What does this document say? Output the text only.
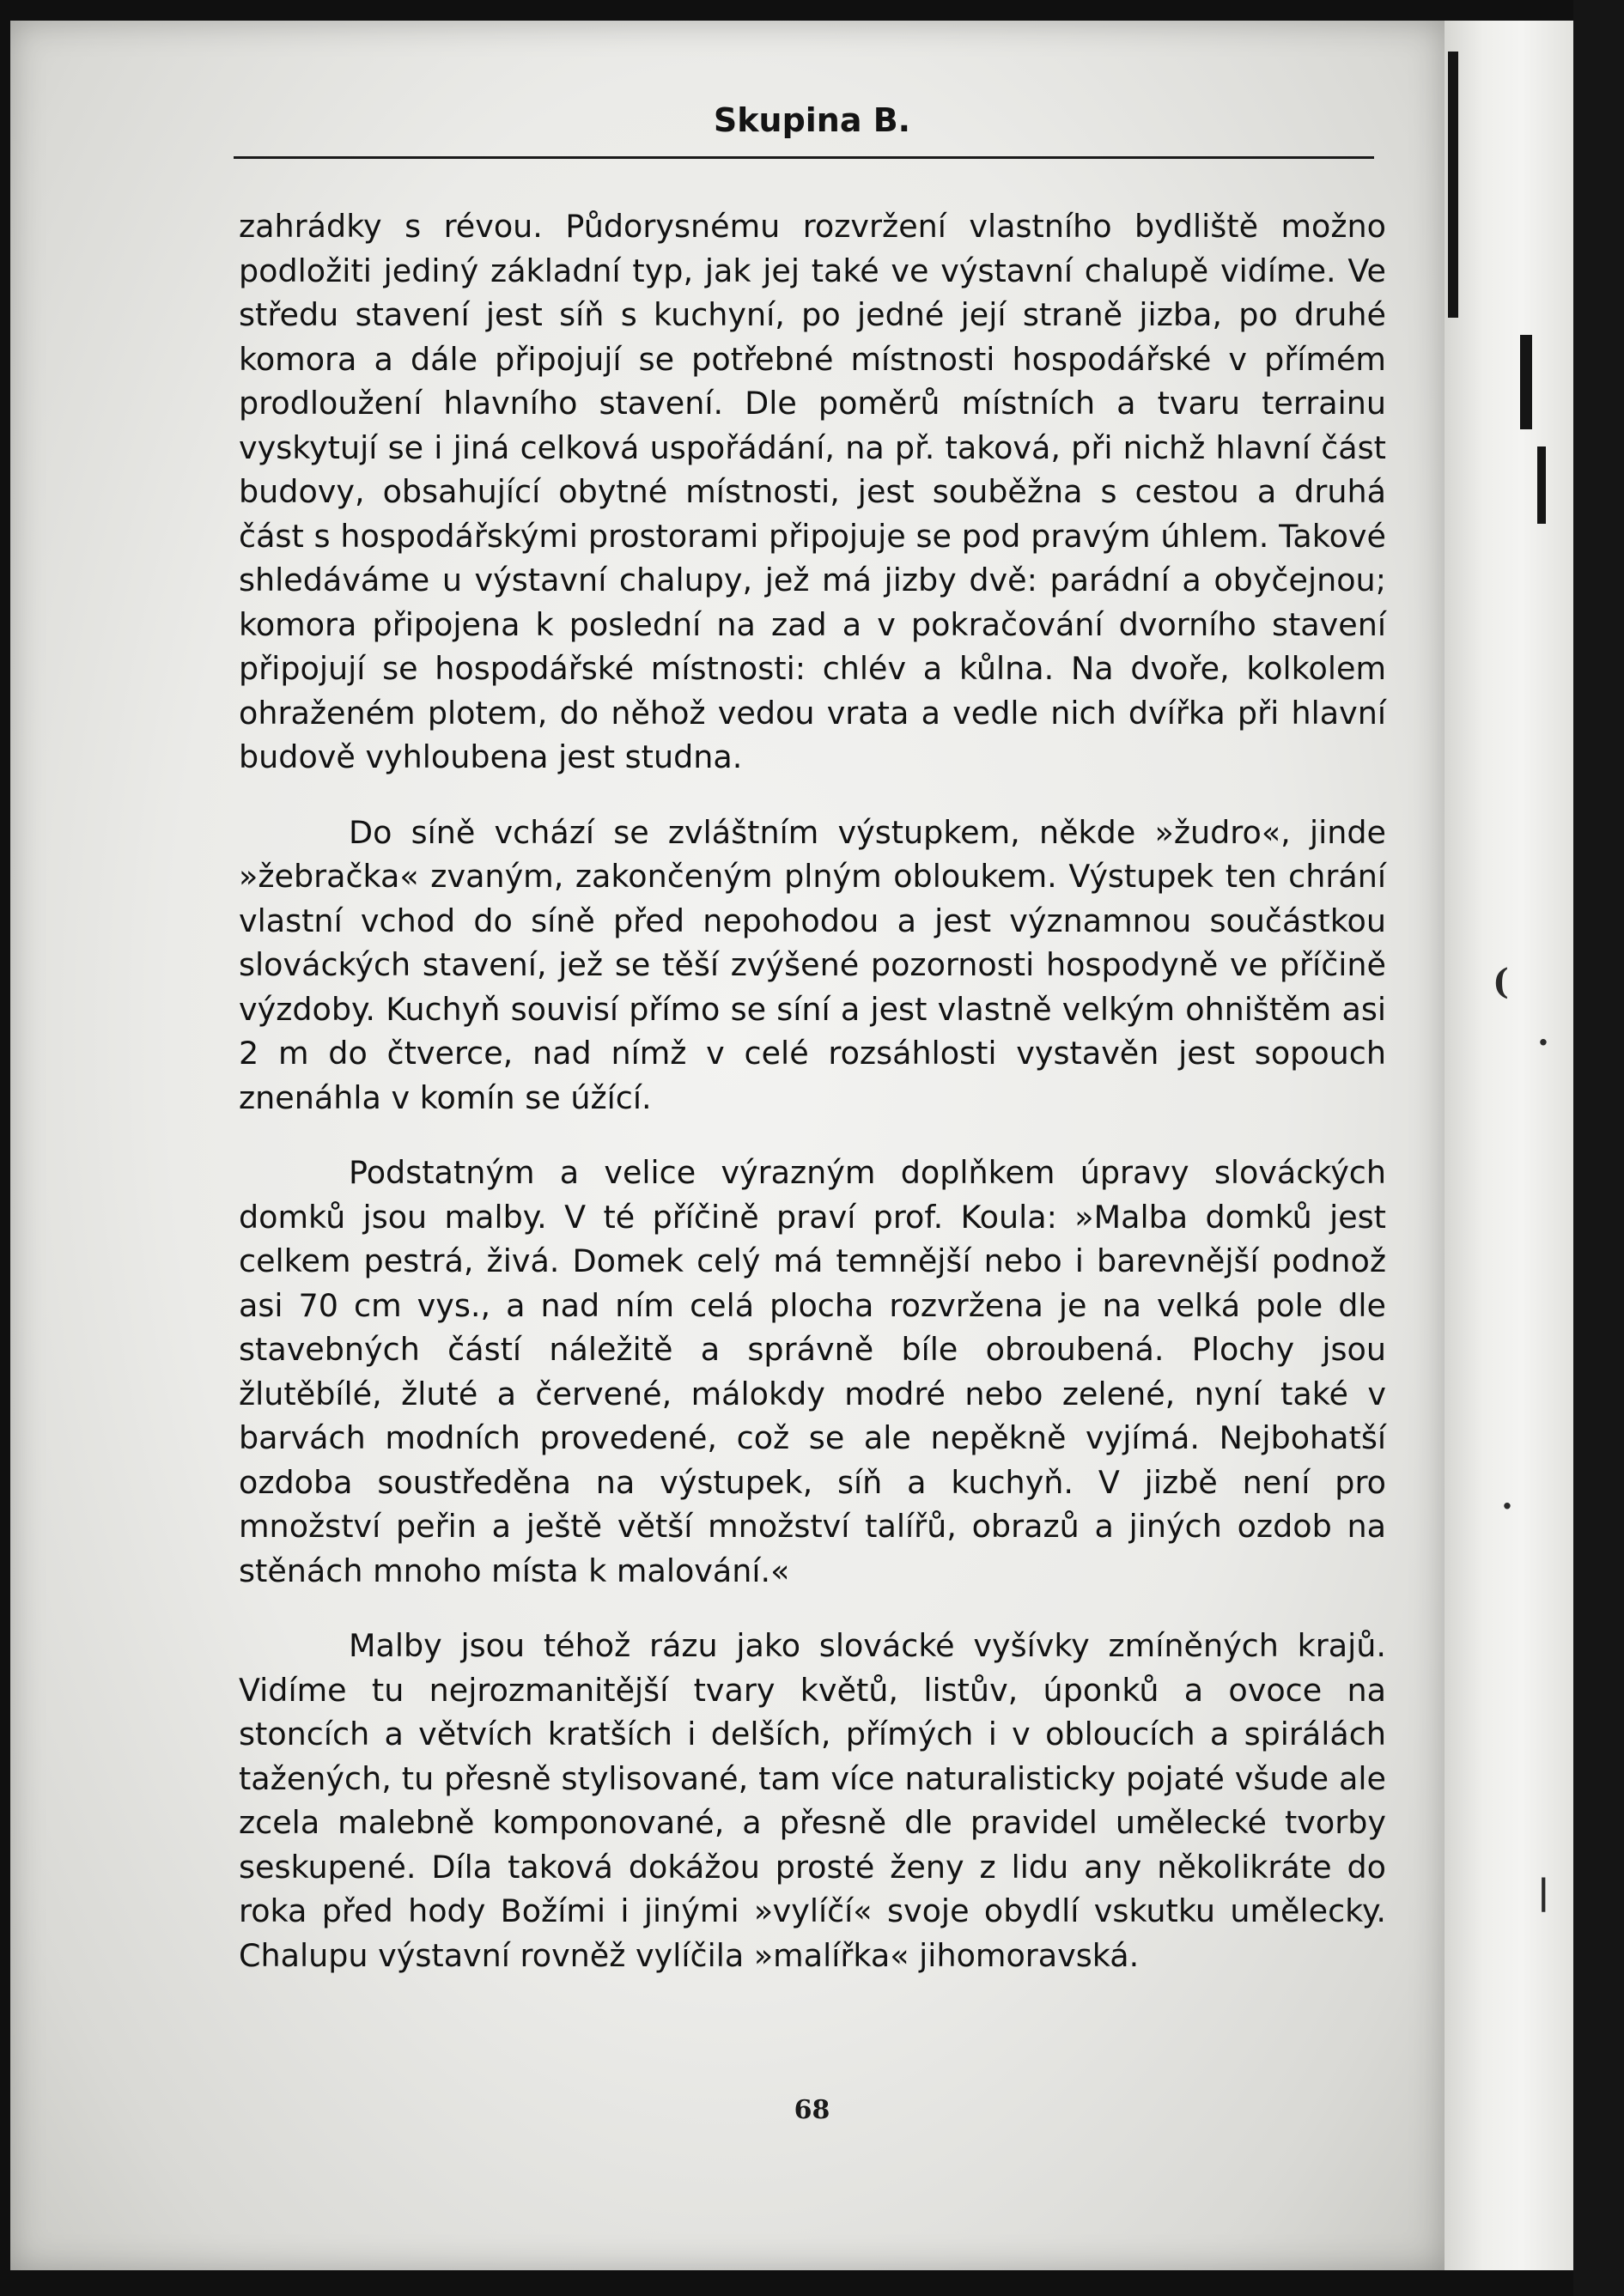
(
.
.
|
Skupina B.

zahrádky s révou. Půdorysnému rozvržení vlastního bydliště možno podložiti jediný základní typ, jak jej také ve výstavní chalupě vidíme. Ve středu stavení jest síň s kuchyní, po jedné její straně jizba, po druhé komora a dále připojují se potřebné místnosti hospodářské v přímém prodloužení hlavního stavení. Dle poměrů místních a tvaru terrainu vyskytují se i jiná celková uspořádání, na př. taková, při nichž hlavní část budovy, obsahující obytné místnosti, jest souběžna s cestou a druhá část s hospodářskými prostorami připojuje se pod pravým úhlem. Takové shledáváme u výstavní chalupy, jež má jizby dvě: parádní a obyčejnou; komora připojena k poslední na zad a v pokračování dvorního stavení připojují se hospodářské místnosti: chlév a kůlna. Na dvoře, kolkolem ohraženém plotem, do něhož vedou vrata a vedle nich dvířka při hlavní budově vyhloubena jest studna.

Do síně vchází se zvláštním výstupkem, někde »žudro«, jinde »žebračka« zvaným, zakončeným plným obloukem. Výstupek ten chrání vlastní vchod do síně před nepohodou a jest významnou součástkou slováckých stavení, jež se těší zvýšené pozornosti hospodyně ve příčině výzdoby. Kuchyň souvisí přímo se síní a jest vlastně velkým ohništěm asi 2 m do čtverce, nad nímž v celé rozsáhlosti vystavěn jest sopouch znenáhla v komín se úžící.

Podstatným a velice výrazným doplňkem úpravy slováckých domků jsou malby. V té příčině praví prof. Koula: »Malba domků jest celkem pestrá, živá. Domek celý má temnější nebo i barevnější podnož asi 70 cm vys., a nad ním celá plocha rozvržena je na velká pole dle stavebných částí náležitě a správně bíle obroubená. Plochy jsou žlutěbílé, žluté a červené, málokdy modré nebo zelené, nyní také v barvách modních provedené, což se ale nepěkně vyjímá. Nejbohatší ozdoba soustředěna na výstupek, síň a kuchyň. V jizbě není pro množství peřin a ještě větší množství talířů, obrazů a jiných ozdob na stěnách mnoho místa k malování.«

Malby jsou téhož rázu jako slovácké vyšívky zmíněných krajů. Vidíme tu nejrozmanitější tvary květů, listův, úponků a ovoce na stoncích a větvích kratších i delších, přímých i v obloucích a spirálách tažených, tu přesně stylisované, tam více naturalisticky pojaté všude ale zcela malebně komponované, a přesně dle pravidel umělecké tvorby seskupené. Díla taková dokážou prosté ženy z lidu any několikráte do roka před hody Božími i jinými »vylíčí« svoje obydlí vskutku umělecky. Chalupu výstavní rovněž vylíčila »malířka« jihomoravská.

68
